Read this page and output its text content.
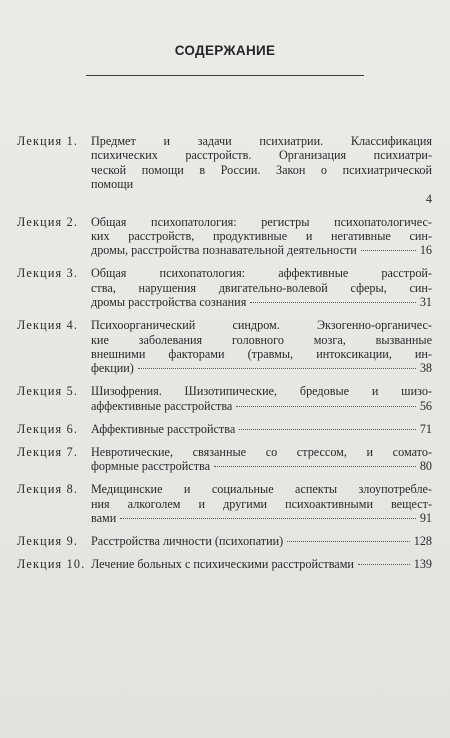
СОДЕРЖАНИЕ
Лекция 1.	Предмет и задачи психиатрии. Классификация
психических расстройств. Организация психиатри-
ческой помощи в России. Закон о психиатрической
помощи
4
Лекция 2.	Общая психопатология: регистры психопатологичес-
ких расстройств, продуктивные и негативные син-
дромы, расстройства познавательной деятельности	16
Лекция 3.	Общая психопатология: аффективные расстрой-
ства, нарушения двигательно-волевой сферы, син-
дромы расстройства сознания	31
Лекция 4.	Психоорганический синдром. Экзогенно-органичес-
кие заболевания головного мозга, вызванные
внешними факторами (травмы, интоксикации, ин-
фекции)	38
Лекция 5.	Шизофрения. Шизотипические, бредовые и шизо-
аффективные расстройства	56
Лекция 6.	Аффективные расстройства	71
Лекция 7.	Невротические, связанные со стрессом, и сомато-
формные расстройства	80
Лекция 8.	Медицинские и социальные аспекты злоупотребле-
ния алкоголем и другими психоактивными вещест-
вами	91
Лекция 9.	Расстройства личности (психопатии)	128
Лекция 10. Лечение больных с психическими расстройствами	139
